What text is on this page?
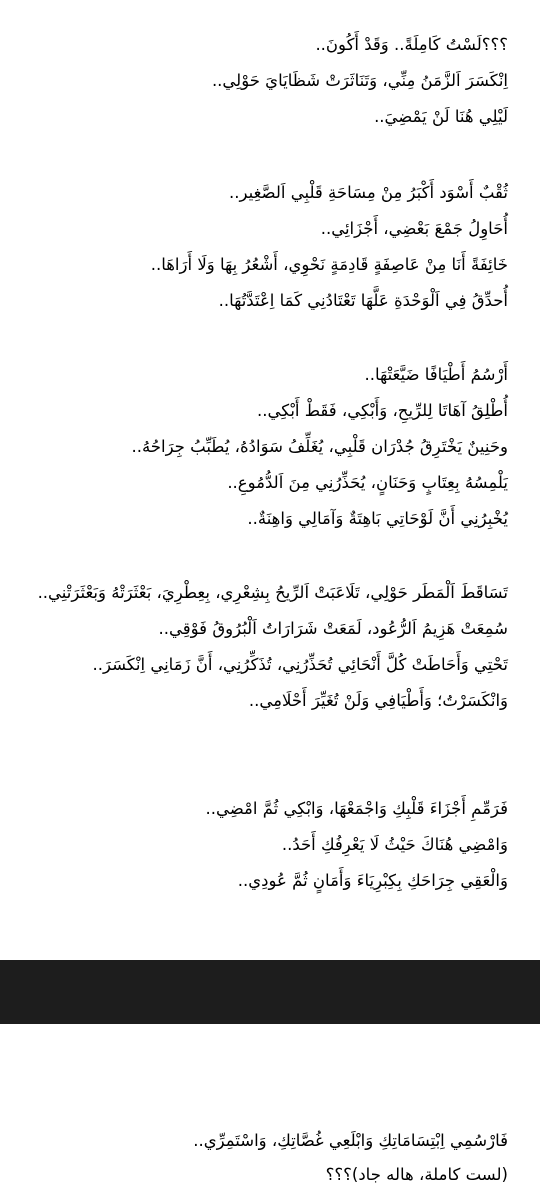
؟؟؟لَسْتُ كَامِلَةً.. وَقَدْ أَكُونَ..
اِنْكَسَرَ اَلزَّمَنُ مِنِّي، وَتَنَاثَرَتْ شَظَايَايَ حَوْلِي..
لَيْلِي هُنَا لَنْ يَمْضِيَ..
ثُقْبٌ أَسْوَد أَكْبَرُ مِنْ مِسَاحَةِ قَلْبِي اَلصَّغِير..
أُحَاوِلُ جَمْعَ بَعْضِي، أَجْزَائِي..
خَائِفَةً أَنَا مِنْ عَاصِفَةٍ قَادِمَةٍ نَحْوِي، أَشْعُرُ بِهَا وَلَا أَرَاهَا..
أُحدِّقُ فِي اَلْوَحْدَةِ عَلَّهَا تَعْتَادُنِي كَمَا اِعْتَدَّتُهَا..
أَرْسُمُ أَطْيَافًا ضَيَّعَتْهَا..
أُطْلِقُ آهَاتَا لِلرِّيحِ، وَأَبْكِي، فَقَطْ أَبْكِي..
وحَنِينٌ يَخْتَرِقُ جُدْرَان قَلْبِي، يُغَلِّفُ سَوَادُهُ، يُطَبِّبُ جِرَاحُهُ..
يَلْمِسُهُ بِعِتَابٍ وَحَنَانٍ، يُحَذِّرُنِي مِنَ اَلدُّمُوعِ..
يُخْبِرُنِي أَنَّ لَوْحَاتِي بَاهِتَةٌ وَآمَالِي وَاهِنَةٌ..
تَسَاقَطَ اَلْمَطَر حَوْلِي، تَلَاعَبَتْ اَلرِّيحُ بِشِعْرِي، بِعِطْرِيَ، بَعْثَرَتْهُ وَبَعْثَرَتْنِي..
سُمِعَتْ هَزِيمُ اَلرُّعُود، لَمَعَتْ شَرَارَاتُ اَلْبُرُوقُ فَوْقِي..
تَحْتِي وَأَحَاطَتْ كُلَّ أَنْحَائِي تُحَذِّرُنِي، تُذَكِّرُنِي، أَنَّ زَمَانِي اِنْكَسَرَ..
وَانْكَسَرْتُ؛ وَأَطْيَافِي وَلَنْ تُغَيِّرَ أَحْلَامِي..
فَرَمِّمِ أَجْزَاءَ قَلْبِكِ وَاجْمَعْهَا، وَابْكِي ثُمَّ امْضِي..
وَامْضِي هُنَاكَ حَيْثُ لَا يَعْرِفُكِ أَحَدُ..
وَالْعَقِي جِرَاحَكِ بِكِبْرِيَاءَ وَأَمَانٍ ثُمَّ عُودِي..
فَارْسُمِي اِبْتِسَامَاتِكِ وَابْلَعِي غُصَّاتِكِ، وَاسْتَمِرِّي..
(لست كاملة، هاله جاد)؟؟؟
